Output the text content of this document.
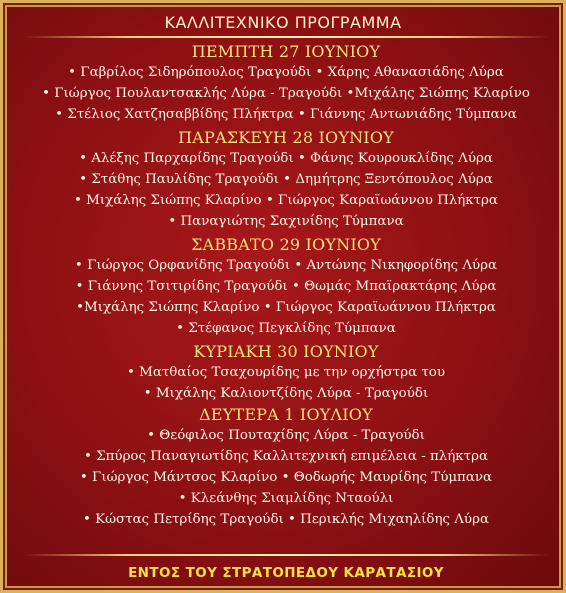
ΚΑΛΛΙΤΕΧΝΙΚΟ ΠΡΟΓΡΑΜΜΑ
ΠΕΜΠΤΗ 27 ΙΟΥΝΙΟΥ
• Γαβρίλος Σιδηρόπουλος Τραγούδι • Χάρης Αθανασιάδης Λύρα
• Γιώργος Πουλαντσακλής Λύρα - Τραγούδι •Μιχάλης Σιώπης Κλαρίνο
• Στέλιος Χατζησαββίδης Πλήκτρα • Γιάννης Αντωνιάδης Τύμπανα
ΠΑΡΑΣΚΕΥΗ 28 ΙΟΥΝΙΟΥ
• Αλέξης Παρχαρίδης Τραγούδι • Φάνης Κουρουκλίδης Λύρα
• Στάθης Παυλίδης Τραγούδι • Δημήτρης Ξεντόπουλος Λύρα
• Μιχάλης Σιώπης Κλαρίνο • Γιώργος Καραϊωάννου Πλήκτρα
• Παναγιώτης Σαχινίδης Τύμπανα
ΣΑΒΒΑΤΟ 29 ΙΟΥΝΙΟΥ
• Γιώργος Ορφανίδης Τραγούδι • Αντώνης Νικηφορίδης Λύρα
• Γιάννης Τσιτιρίδης Τραγούδι • Θωμάς Μπαϊρακτάρης Λύρα
•Μιχάλης Σιώπης Κλαρίνο • Γιώργος Καραϊωάννου Πλήκτρα
• Στέφανος Πεγκλίδης Τύμπανα
ΚΥΡΙΑΚΗ 30 ΙΟΥΝΙΟΥ
• Ματθαίος Τσαχουρίδης με την ορχήστρα του
• Μιχάλης Καλιοντζίδης Λύρα - Τραγούδι
ΔΕΥΤΕΡΑ 1 ΙΟΥΛΙΟΥ
• Θεόφιλος Πουταχίδης Λύρα - Τραγούδι
• Σπύρος Παναγιωτίδης Καλλιτεχνική επιμέλεια - πλήκτρα
• Γιώργος Μάντσος Κλαρίνο • Θοδωρής Μαυρίδης Τύμπανα
• Κλεάνθης Σιαμλίδης Νταούλι
• Κώστας Πετρίδης Τραγούδι • Περικλής Μιχαηλίδης Λύρα
ΕΝΤΟΣ ΤΟΥ ΣΤΡΑΤΟΠΕΔΟΥ ΚΑΡΑΤΑΣΙΟΥ
